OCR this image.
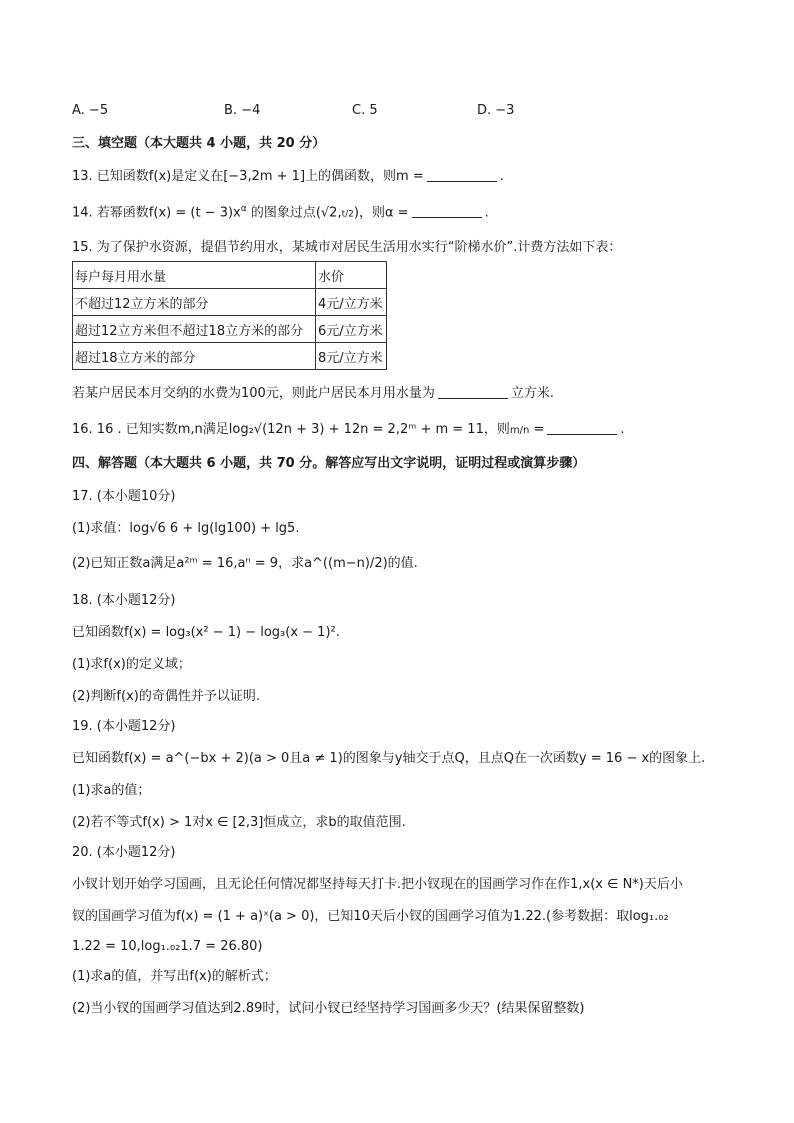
A. −5	B. −4	C. 5	D. −3
三、填空题（本大题共 4 小题，共 20 分）
13. 已知函数f(x)是定义在[−3,2m + 1]上的偶函数，则m =	.
14. 若幂函数$f(x) = (t - 3)x^\alpha$ 的图象过点(√2,t/2)，则α =	.
15. 为了保护水资源，提倡节约用水，某城市对居民生活用水实行“阶梯水价”.计费方法如下表：
每户每月用水量	水价
不超过12立方米的部分	4元/立方米
超过12立方米但不超过18立方米的部分	6元/立方米
超过18立方米的部分	8元/立方米
若某户居民本月交纳的水费为100元，则此户居民本月用水量为	立方米.
16. 16 . 已知实数m,n满足log₂√(12n + 3) + 12n = 2,2ᵐ + m = 11，则m/n =	.
四、解答题（本大题共 6 小题，共 70 分。解答应写出文字说明，证明过程或演算步骤）
17. (本小题10分)
(1)求值：log√6 6 + lg(lg100) + lg5.
(2)已知正数a满足a²ᵐ = 16,aⁿ = 9，求a^((m−n)/2)的值.
18. (本小题12分)
已知函数f(x) = log₃(x² − 1) − log₃(x − 1)².
(1)求f(x)的定义域；
(2)判断f(x)的奇偶性并予以证明.
19. (本小题12分)
已知函数f(x) = a^(−bx + 2)(a > 0且a ≠ 1)的图象与y轴交于点Q，且点Q在一次函数y = 16 − x的图象上.
(1)求a的值；
(2)若不等式f(x) > 1对x ∈ [2,3]恒成立，求b的取值范围.
20. (本小题12分)
小钗计划开始学习国画，且无论任何情况都坚持每天打卡.把小钗现在的国画学习作在作1,x(x ∈ N*)天后小
钗的国画学习值为f(x) = (1 + a)ˣ(a > 0)，已知10天后小钗的国画学习值为1.22.(参考数据：取log₁.₀₂
1.22 = 10,log₁.₀₂1.7 = 26.80)
(1)求a的值，并写出f(x)的解析式；
(2)当小钗的国画学习值达到2.89时，试问小钗已经坚持学习国画多少天？(结果保留整数)
